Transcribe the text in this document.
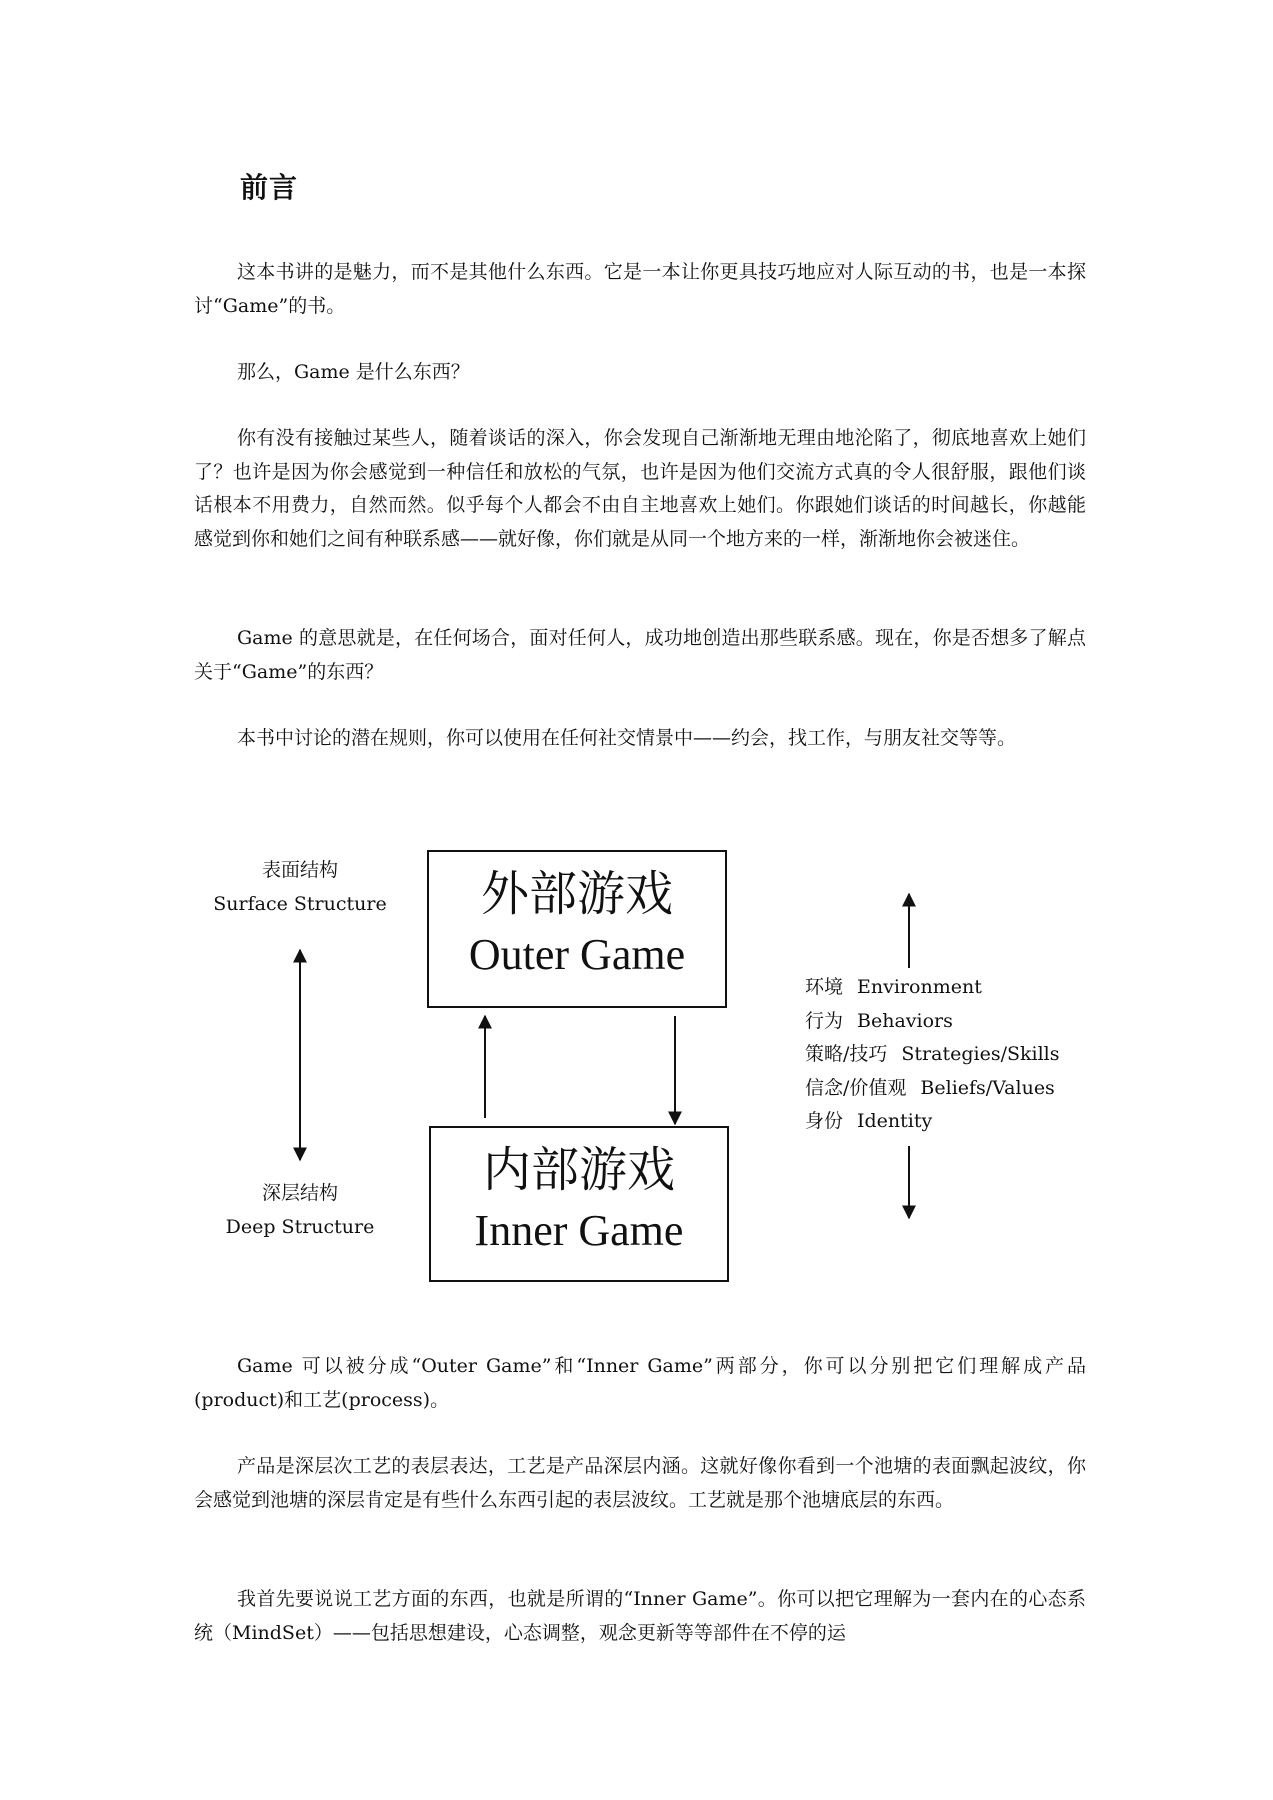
前言

这本书讲的是魅力，而不是其他什么东西。它是一本让你更具技巧地应对人际互动的书，也是一本探讨“Game”的书。

那么，Game 是什么东西？

你有没有接触过某些人，随着谈话的深入，你会发现自己渐渐地无理由地沦陷了，彻底地喜欢上她们了？也许是因为你会感觉到一种信任和放松的气氛，也许是因为他们交流方式真的令人很舒服，跟他们谈话根本不用费力，自然而然。似乎每个人都会不由自主地喜欢上她们。你跟她们谈话的时间越长，你越能感觉到你和她们之间有种联系感——就好像，你们就是从同一个地方来的一样，渐渐地你会被迷住。

Game 的意思就是，在任何场合，面对任何人，成功地创造出那些联系感。现在，你是否想多了解点关于“Game”的东西？

本书中讨论的潜在规则，你可以使用在任何社交情景中——约会，找工作，与朋友社交等等。

表面结构
Surface Structure
深层结构
Deep Structure
外部游戏
Outer Game
内部游戏
Inner Game
环境 Environment
行为 Behaviors
策略/技巧 Strategies/Skills
信念/价值观 Beliefs/Values
身份 Identity

Game 可以被分成“Outer Game”和“Inner Game”两部分，你可以分别把它们理解成产品(product)和工艺(process)。

产品是深层次工艺的表层表达，工艺是产品深层内涵。这就好像你看到一个池塘的表面飘起波纹，你会感觉到池塘的深层肯定是有些什么东西引起的表层波纹。工艺就是那个池塘底层的东西。

我首先要说说工艺方面的东西，也就是所谓的“Inner Game”。你可以把它理解为一套内在的心态系统（MindSet）——包括思想建设，心态调整，观念更新等等部件在不停的运
